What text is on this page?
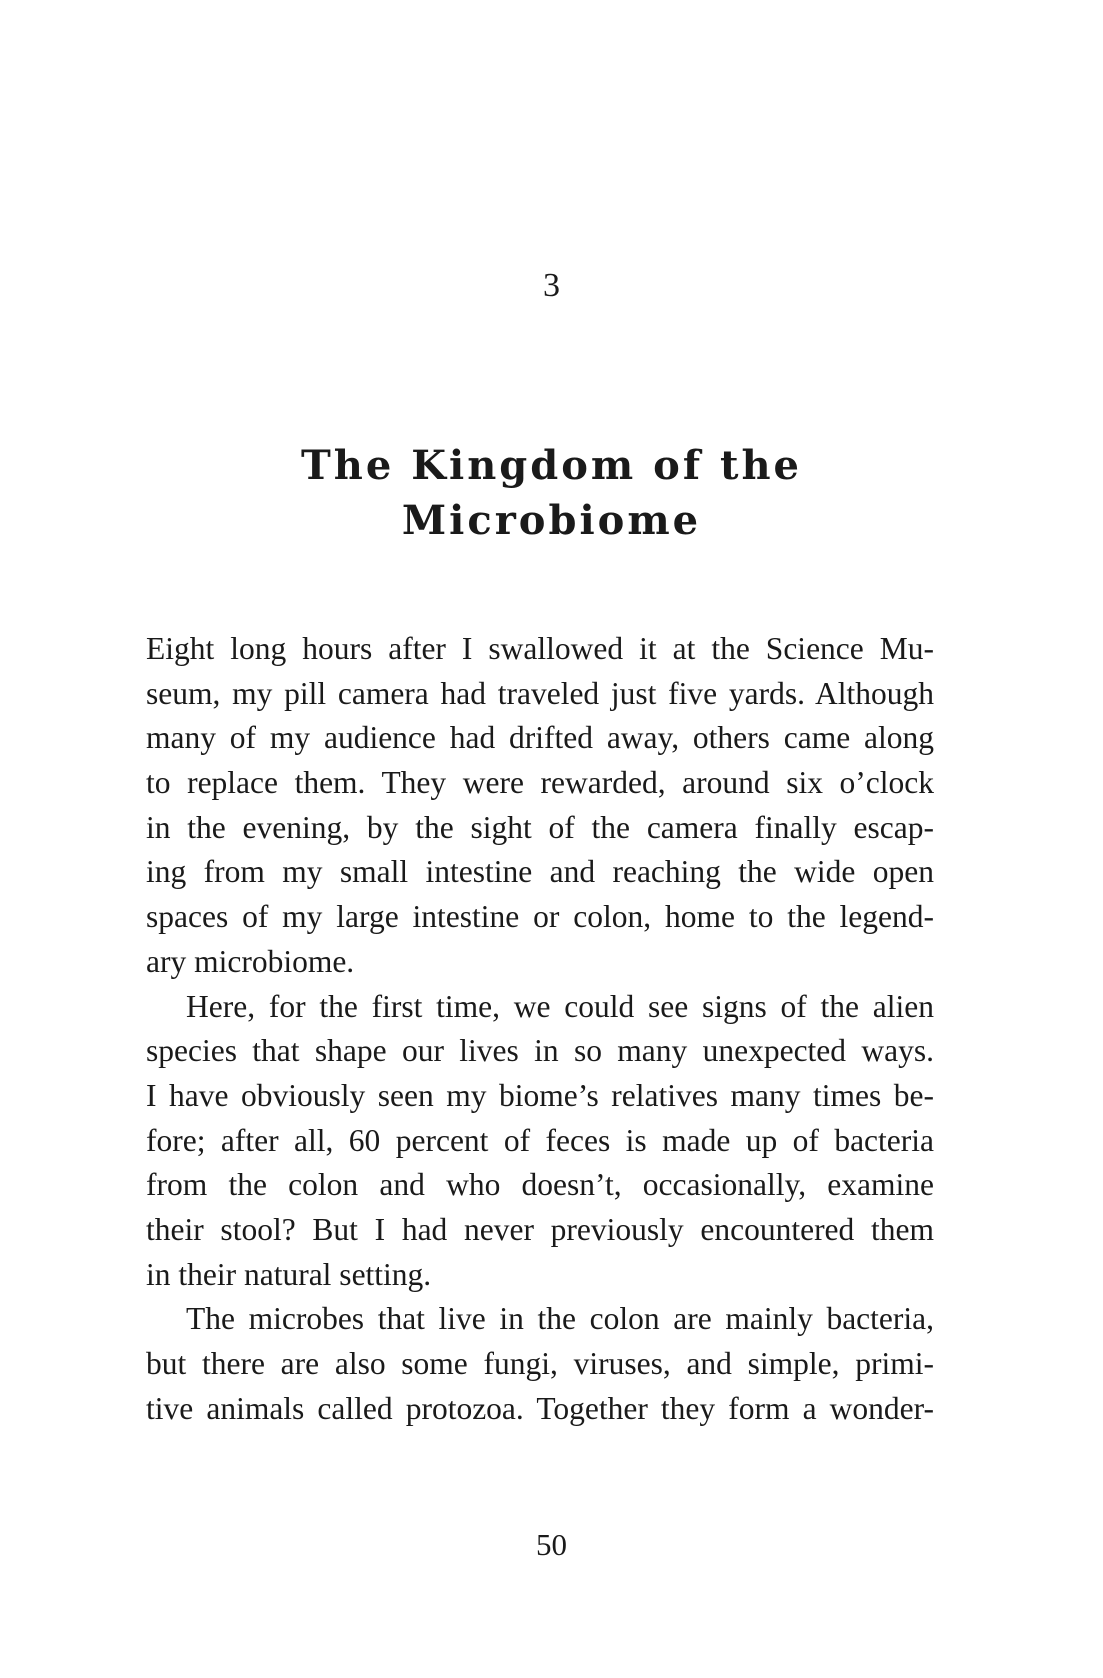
3
The Kingdom of the
Microbiome
Eight long hours after I swallowed it at the Science Mu-
seum, my pill camera had traveled just five yards. Although
many of my audience had drifted away, others came along
to replace them. They were rewarded, around six o’clock
in the evening, by the sight of the camera finally escap-
ing from my small intestine and reaching the wide open
spaces of my large intestine or colon, home to the legend-
ary microbiome.
Here, for the first time, we could see signs of the alien
species that shape our lives in so many unexpected ways.
I have obviously seen my biome’s relatives many times be-
fore; after all, 60 percent of feces is made up of bacteria
from the colon and who doesn’t, occasionally, examine
their stool? But I had never previously encountered them
in their natural setting.
The microbes that live in the colon are mainly bacteria,
but there are also some fungi, viruses, and simple, primi-
tive animals called protozoa. Together they form a wonder-
50
